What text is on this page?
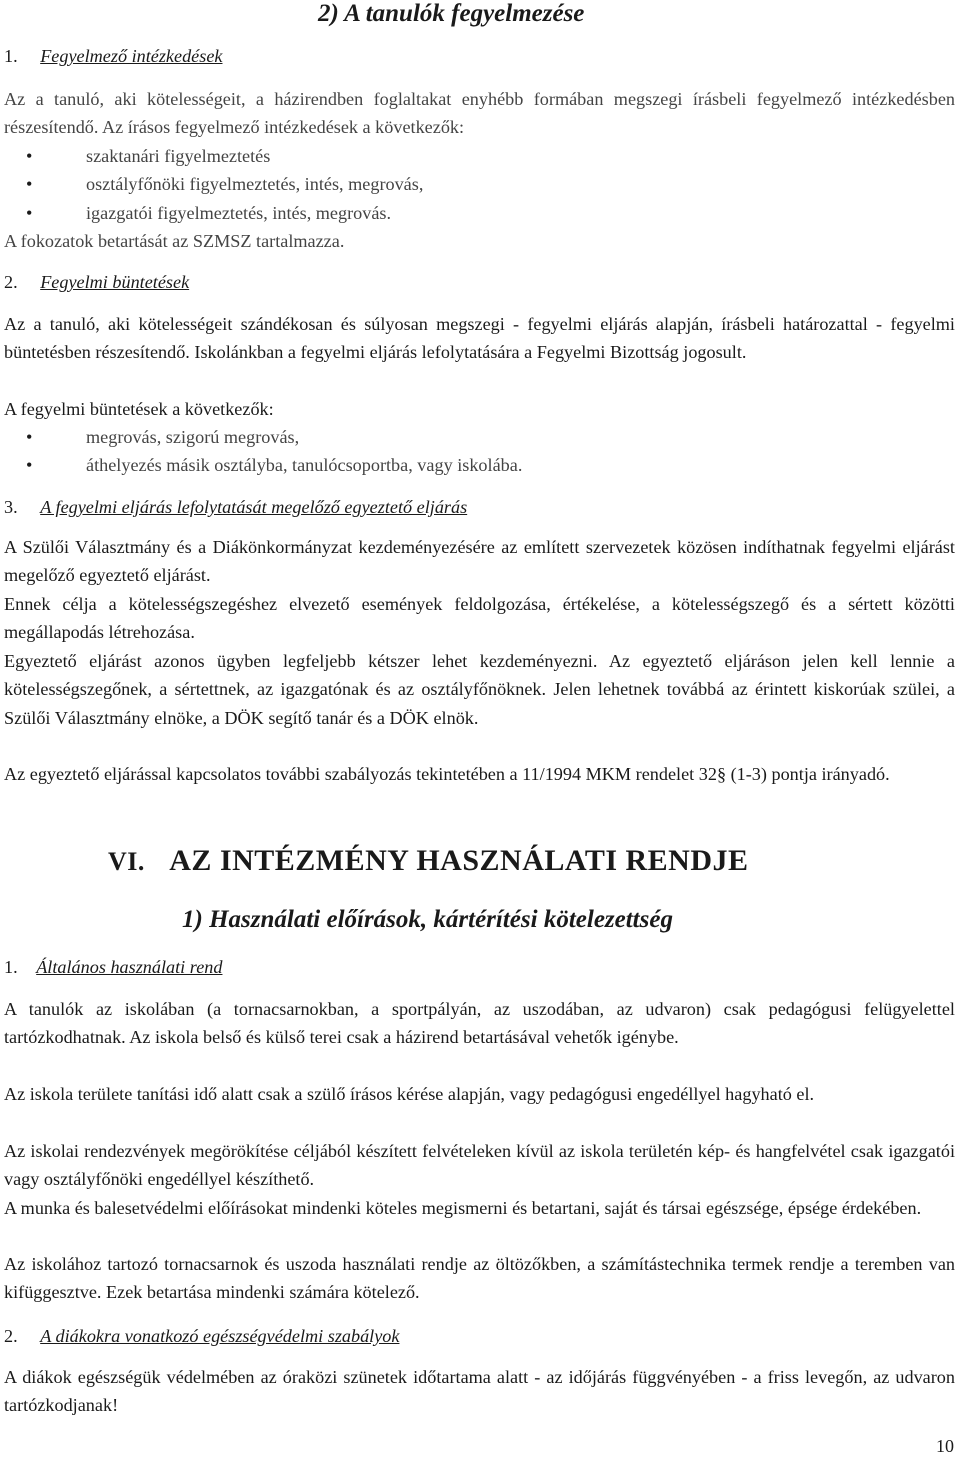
2) A tanulók fegyelmezése
1. Fegyelmező intézkedések

Az a tanuló, aki kötelességeit, a házirendben foglaltakat enyhébb formában megszegi írásbeli fegyelmező intézkedésben részesítendő. Az írásos fegyelmező intézkedések a következők:

• szaktanári figyelmeztetés
• osztályfőnöki figyelmeztetés, intés, megrovás,
• igazgatói figyelmeztetés, intés, megrovás.

A fokozatok betartását az SZMSZ tartalmazza.

2. Fegyelmi büntetések

Az a tanuló, aki kötelességeit szándékosan és súlyosan megszegi - fegyelmi eljárás alapján, írásbeli határozattal - fegyelmi büntetésben részesítendő. Iskolánkban a fegyelmi eljárás lefolytatására a Fegyelmi Bizottság jogosult.

A fegyelmi büntetések a következők:

• megrovás, szigorú megrovás,
• áthelyezés másik osztályba, tanulócsoportba, vagy iskolába.
3. A fegyelmi eljárás lefolytatását megelőző egyeztető eljárás

A Szülői Választmány és a Diákönkormányzat kezdeményezésére az említett szervezetek közösen indíthatnak fegyelmi eljárást megelőző egyeztető eljárást.

Ennek célja a kötelességszegéshez elvezető események feldolgozása, értékelése, a kötelességszegő és a sértett közötti megállapodás létrehozása.

Egyeztető eljárást azonos ügyben legfeljebb kétszer lehet kezdeményezni. Az egyeztető eljáráson jelen kell lennie a kötelességszegőnek, a sértettnek, az igazgatónak és az osztályfőnöknek. Jelen lehetnek továbbá az érintett kiskorúak szülei, a Szülői Választmány elnöke, a DÖK segítő tanár és a DÖK elnök.

Az egyeztető eljárással kapcsolatos további szabályozás tekintetében a 11/1994 MKM rendelet 32§ (1-3) pontja irányadó.

VI. AZ INTÉZMÉNY HASZNÁLATI RENDJE
1) Használati előírások, kártérítési kötelezettség
1. Általános használati rend

A tanulók az iskolában (a tornacsarnokban, a sportpályán, az uszodában, az udvaron) csak pedagógusi felügyelettel tartózkodhatnak. Az iskola belső és külső terei csak a házirend betartásával vehetők igénybe.

Az iskola területe tanítási idő alatt csak a szülő írásos kérése alapján, vagy pedagógusi engedéllyel hagyható el.

Az iskolai rendezvények megörökítése céljából készített felvételeken kívül az iskola területén kép- és hangfelvétel csak igazgatói vagy osztályfőnöki engedéllyel készíthető.

A munka és balesetvédelmi előírásokat mindenki köteles megismerni és betartani, saját és társai egészsége, épsége érdekében.

Az iskolához tartozó tornacsarnok és uszoda használati rendje az öltözőkben, a számítástechnika termek rendje a teremben van kifüggesztve. Ezek betartása mindenki számára kötelező.

2. A diákokra vonatkozó egészségvédelmi szabályok

A diákok egészségük védelmében az óraközi szünetek időtartama alatt - az időjárás függvényében - a friss levegőn, az udvaron tartózkodjanak!

10
